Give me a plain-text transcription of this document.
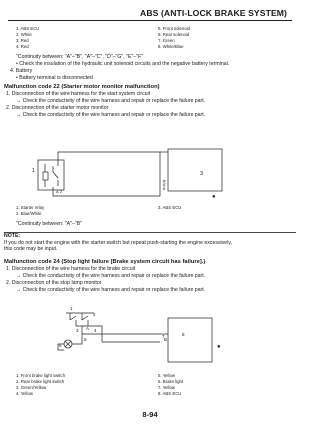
ABS (ANTI-LOCK BRAKE SYSTEM)
1. ABS ECU
2. White
3. Red
4. Red
5. Front solenoid
6. Rear solenoid
7. Green
8. White/Blue
"Continuity between: "A"–"B", "A"–"C", "D"–"G", "E"–"F"
• Check the insulation of the hydraulic unit solenoid circuits and the negative battery terminal.
4. Battery
• Battery terminal is disconnected
Malfunction code 22 (Starter motor monitor malfunction)
1. Disconnection of the wire harness for the start system circuit
→ Check the conductivity of the wire harness and repair or replace the failure part.
2. Disconnection of the starter motor monitor
→ Check the conductivity of the wire harness and repair or replace the failure part.
1	3
A 2
B/W
B
●
1. Starter relay
2. Blue/White
3. ABS ECU
"Continuity between: "A"–"B"
NOTE:
If you do not start the engine with the starter switch but repeat push-starting the engine excessively,
this code may be input.
Malfunction code 24 (Stop light failure [Brake system circuit has failure].)
1. Disconnection of the wire harness for the brake circuit
→ Check the conductivity of the wire harness and repair or replace the failure part.
2. Disconnection of the stop lamp monitor
→ Check the conductivity of the wire harness and repair or replace the failure part.
1
2
3	4
A
5
6
7
B
8
●
1. Front brake light switch
2. Rear brake light switch
3. Green/Yellow
4. Yellow
5. Yellow
6. Brake light
7. Yellow
8. ABS ECU
8-94
